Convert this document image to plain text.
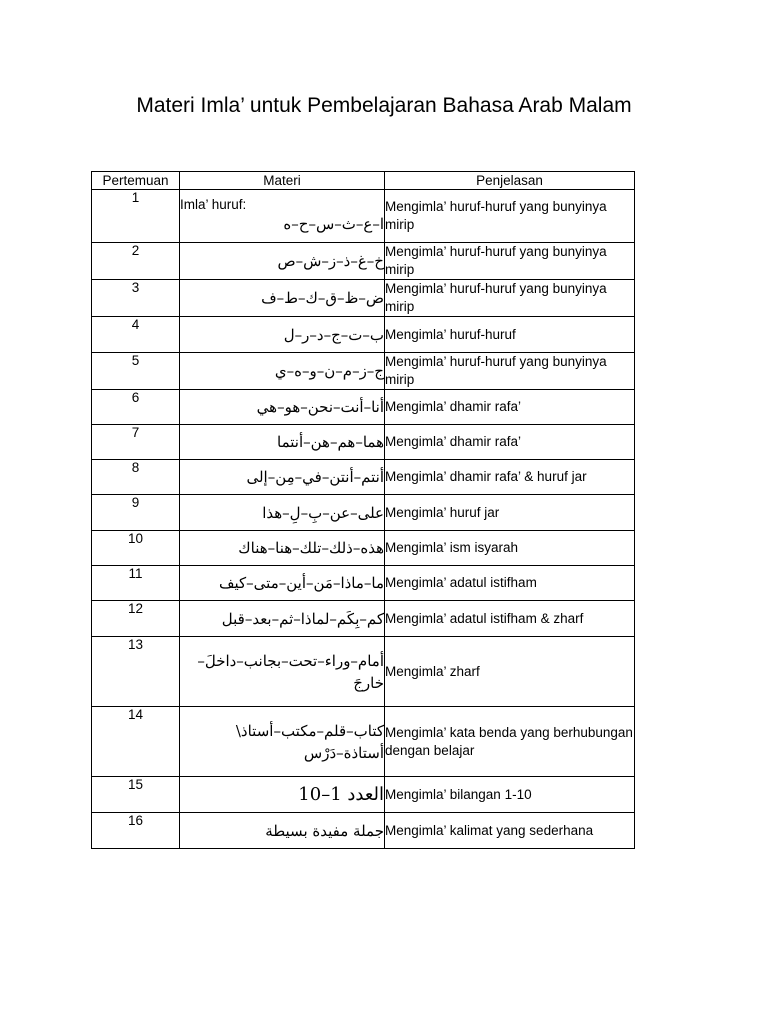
Materi Imla’ untuk Pembelajaran Bahasa Arab Malam
Pertemuan	Materi	Penjelasan
1	Imla’ huruf:
ا–ع–ث–س–ح–ه	Mengimla’ huruf-huruf yang bunyinya mirip
2	خ–غ–ذ–ز–ش–ص	Mengimla’ huruf-huruf yang bunyinya mirip
3	ض–ظ–ق–ك–ط–ف	Mengimla’ huruf-huruf yang bunyinya mirip
4	ب–ت–ج–د–ر–ل	Mengimla’ huruf-huruf
5	ج–ز–م–ن–و–ه–ي	Mengimla’ huruf-huruf yang bunyinya mirip
6	أنا–أنت–نحن–هو–هي	Mengimla’ dhamir rafa’
7	هما–هم–هن–أنتما	Mengimla’ dhamir rafa’
8	أنتم–أنتن–في–مِن–إلى	Mengimla’ dhamir rafa’ & huruf jar
9	على–عن–بِ–لِ–هذا	Mengimla’ huruf jar
10	هذه–ذلك–تلك–هنا–هناك	Mengimla’ ism isyarah
11	ما–ماذا–مَن–أين–متى–كيف	Mengimla’ adatul istifham
12	كم–بِكَم–لماذا–ثم–بعد–قبل	Mengimla’ adatul istifham & zharf
13	أمام–وراء–تحت–بجانب–داخلَ–
خارجَ	Mengimla’ zharf
14	كتاب–قلم–مكتب–أستاذ\
أستاذة–دَرْس	Mengimla’ kata benda yang berhubungan dengan belajar
15	العدد 1–10	Mengimla’ bilangan 1-10
16	جملة مفيدة بسيطة	Mengimla’ kalimat yang sederhana
